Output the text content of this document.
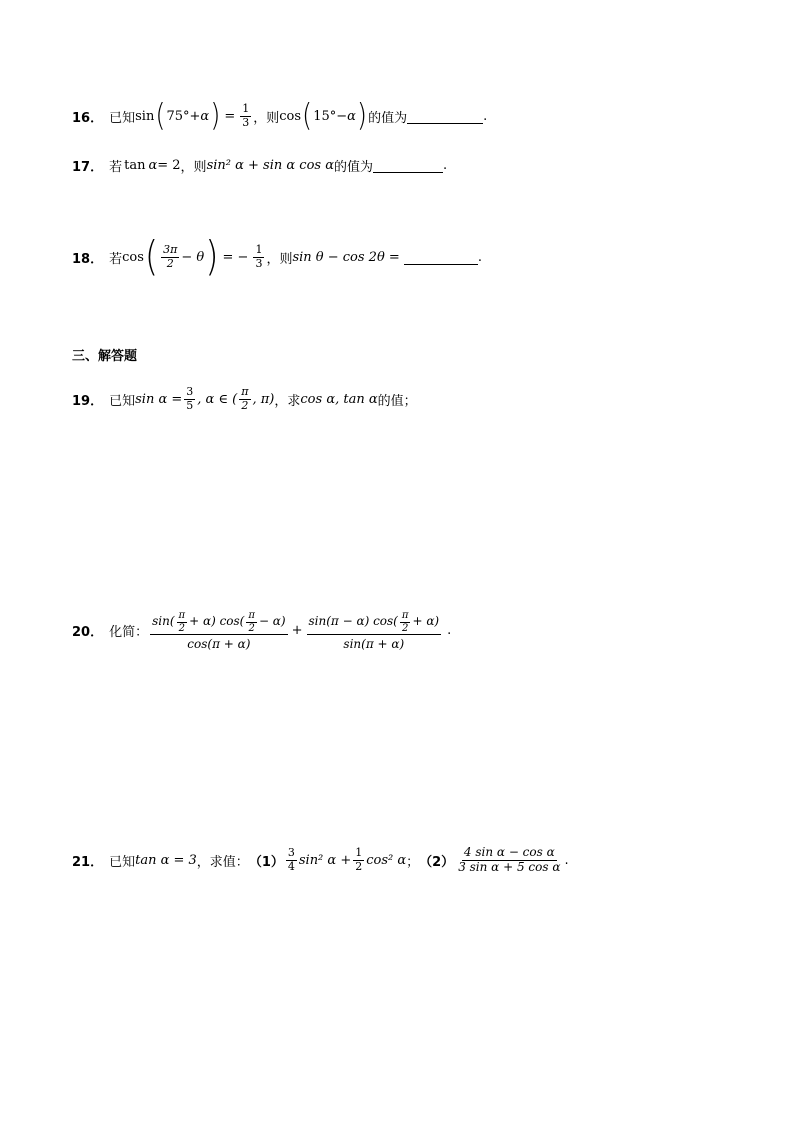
16． 已知 sin ( 75°+ α ) = $\frac{1}{3}$ ，则 cos ( 15°− α ) 的值为	.
17． 若 tan α = 2 ，则 sin² α + sin α cos α 的值为	.
18． 若 cos ( $\frac{3\pi}{2} - \theta$ ) = − $\frac{1}{3}$ ，则 sin θ − cos 2θ =	.
三、解答题
19． 已知 $\sin \alpha = \frac{3}{5}$ , α ∈ ( $\frac{\pi}{2}$ , π) ，求 cos α, tan α 的值；
20． 化简： $\frac{\sin( \frac{\pi}{2} + \alpha) \cos( \frac{\pi}{2} - \alpha)}{\cos(\pi + \alpha)} + \frac{\sin(\pi - \alpha) \cos( \frac{\pi}{2} + \alpha)}{\sin(\pi + \alpha)}$ .
21． 已知 tan α = 3 ，求值： $(1) \frac{3}{4} \sin^2$ $\alpha + \frac{1}{2} \cos^2$ α ； $(2) \frac{\text{4 sin α − cos α}}{\text{3 sin α + 5 cos α}}$ .
